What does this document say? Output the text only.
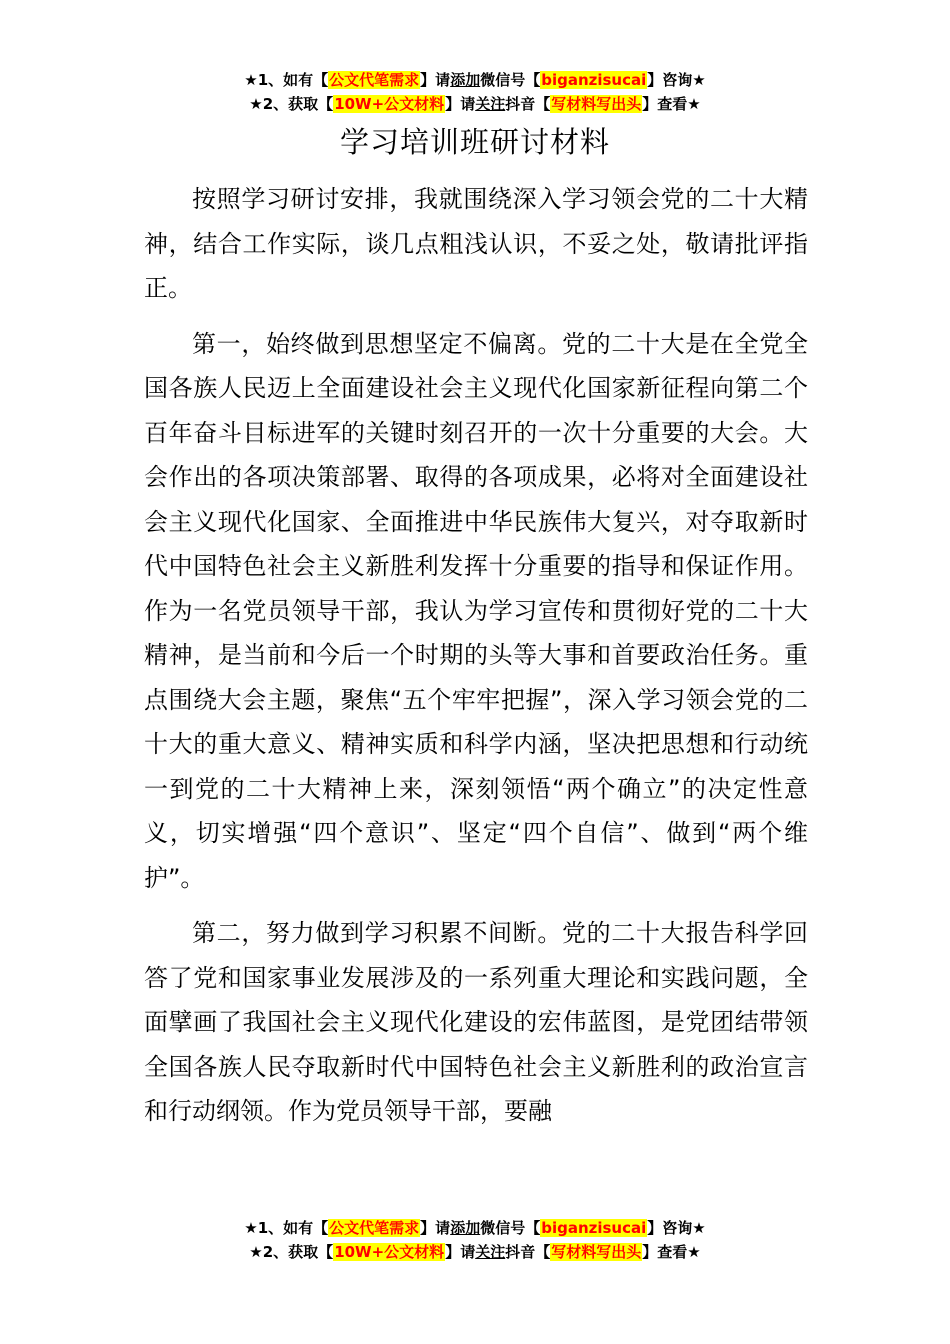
★1、如有【公文代笔需求】请添加微信号【biganzisucai】咨询★
★2、获取【10W+公文材料】请关注抖音【写材料写出头】查看★
学习培训班研讨材料

按照学习研讨安排，我就围绕深入学习领会党的二十大精神，结合工作实际，谈几点粗浅认识，不妥之处，敬请批评指正。

第一，始终做到思想坚定不偏离。党的二十大是在全党全国各族人民迈上全面建设社会主义现代化国家新征程向第二个百年奋斗目标进军的关键时刻召开的一次十分重要的大会。大会作出的各项决策部署、取得的各项成果，必将对全面建设社会主义现代化国家、全面推进中华民族伟大复兴，对夺取新时代中国特色社会主义新胜利发挥十分重要的指导和保证作用。作为一名党员领导干部，我认为学习宣传和贯彻好党的二十大精神，是当前和今后一个时期的头等大事和首要政治任务。重点围绕大会主题，聚焦“五个牢牢把握”，深入学习领会党的二十大的重大意义、精神实质和科学内涵，坚决把思想和行动统一到党的二十大精神上来，深刻领悟“两个确立”的决定性意义，切实增强“四个意识”、坚定“四个自信”、做到“两个维护”。

第二，努力做到学习积累不间断。党的二十大报告科学回答了党和国家事业发展涉及的一系列重大理论和实践问题，全面擘画了我国社会主义现代化建设的宏伟蓝图，是党团结带领全国各族人民夺取新时代中国特色社会主义新胜利的政治宣言和行动纲领。作为党员领导干部，要融

★1、如有【公文代笔需求】请添加微信号【biganzisucai】咨询★
★2、获取【10W+公文材料】请关注抖音【写材料写出头】查看★
